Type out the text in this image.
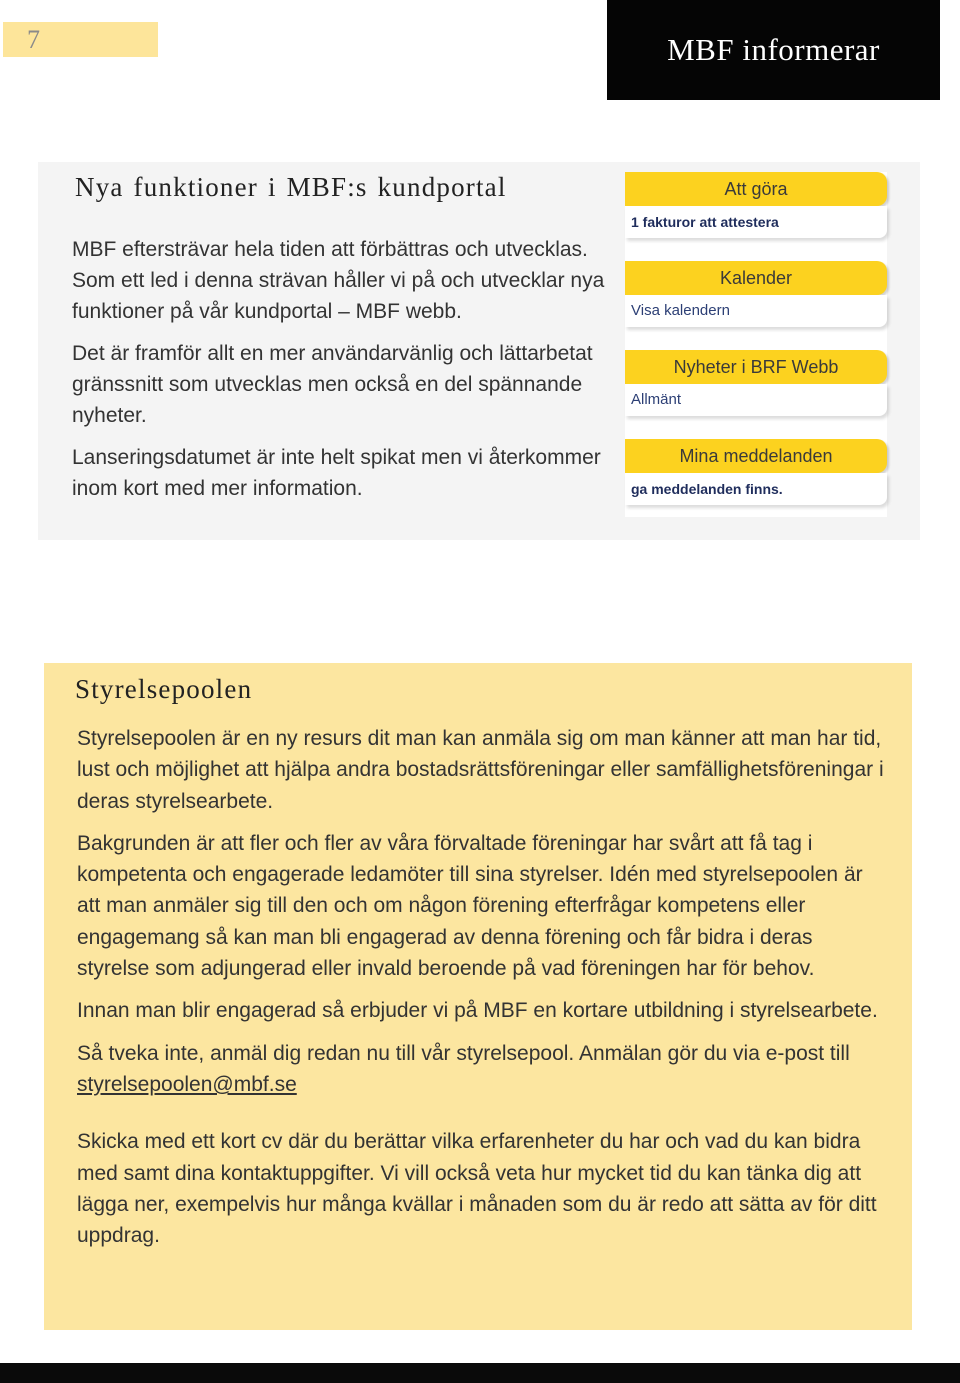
7	MBF informerar
Nya funktioner i MBF:s kundportal

MBF eftersträvar hela tiden att förbättras och utvecklas. Som ett led i denna strävan håller vi på och utvecklar nya funktioner på vår kundportal – MBF webb.

Det är framför allt en mer användarvänlig och lättarbetat gränssnitt som utvecklas men också en del spännande nyheter.

Lanseringsdatumet är inte helt spikat men vi återkommer inom kort med mer information.

Att göra
1 fakturor att attestera
Kalender
Visa kalendern
Nyheter i BRF Webb
Allmänt
Mina meddelanden
ga meddelanden finns.
Styrelsepoolen

Styrelsepoolen är en ny resurs dit man kan anmäla sig om man känner att man har tid, lust och möjlighet att hjälpa andra bostadsrättsföreningar eller samfällighetsföreningar i deras styrelsearbete.

Bakgrunden är att fler och fler av våra förvaltade föreningar har svårt att få tag i kompetenta och engagerade ledamöter till sina styrelser. Idén med styrelsepoolen är att man anmäler sig till den och om någon förening efterfrågar kompetens eller engagemang så kan man bli engagerad av denna förening och får bidra i deras styrelse som adjungerad eller invald beroende på vad föreningen har för behov.

Innan man blir engagerad så erbjuder vi på MBF en kortare utbildning i styrelsearbete.

Så tveka inte, anmäl dig redan nu till vår styrelsepool. Anmälan gör du via e-post till styrelsepoolen@mbf.se

Skicka med ett kort cv där du berättar vilka erfarenheter du har och vad du kan bidra med samt dina kontaktuppgifter. Vi vill också veta hur mycket tid du kan tänka dig att lägga ner, exempelvis hur många kvällar i månaden som du är redo att sätta av för ditt uppdrag.
